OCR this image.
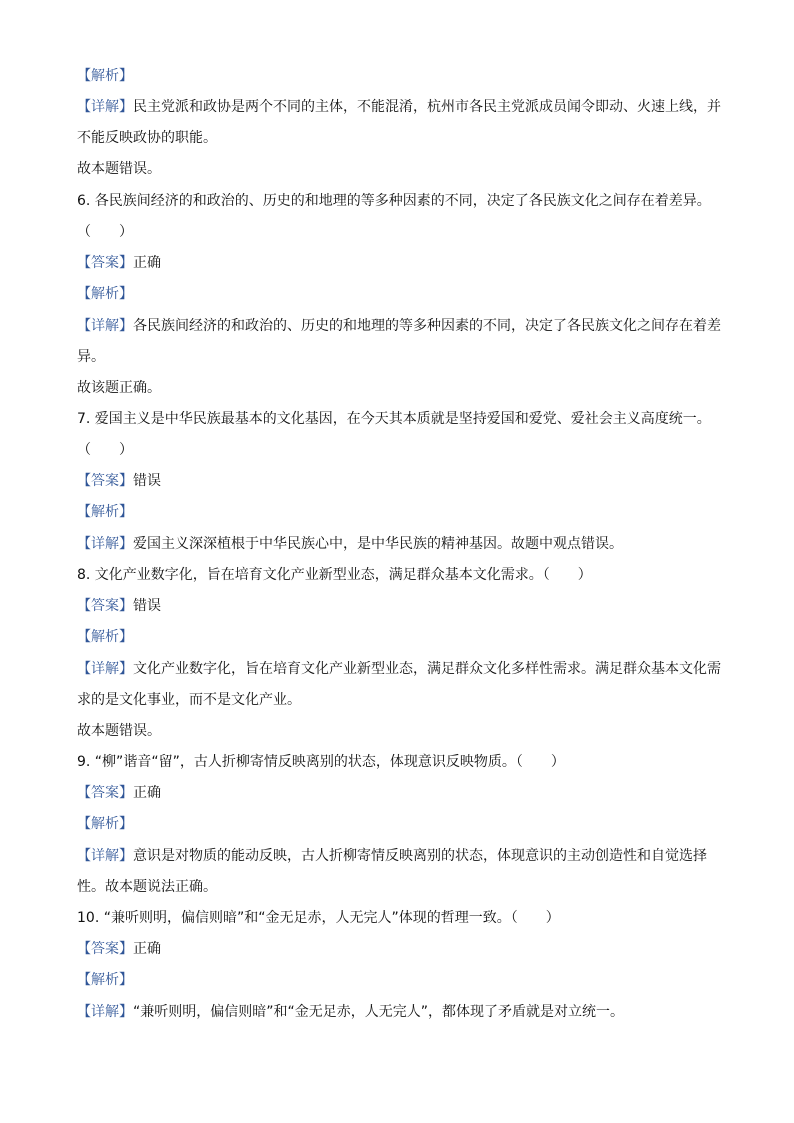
【解析】
【详解】民主党派和政协是两个不同的主体，不能混淆，杭州市各民主党派成员闻令即动、火速上线，并
不能反映政协的职能。
故本题错误。
6. 各民族间经济的和政治的、历史的和地理的等多种因素的不同，决定了各民族文化之间存在着差异。
（　　）
【答案】正确
【解析】
【详解】各民族间经济的和政治的、历史的和地理的等多种因素的不同，决定了各民族文化之间存在着差
异。
故该题正确。
7. 爱国主义是中华民族最基本的文化基因，在今天其本质就是坚持爱国和爱党、爱社会主义高度统一。
（　　）
【答案】错误
【解析】
【详解】爱国主义深深植根于中华民族心中，是中华民族的精神基因。故题中观点错误。
8. 文化产业数字化，旨在培育文化产业新型业态，满足群众基本文化需求。（　　）
【答案】错误
【解析】
【详解】文化产业数字化，旨在培育文化产业新型业态，满足群众文化多样性需求。满足群众基本文化需
求的是文化事业，而不是文化产业。
故本题错误。
9. “柳”谐音“留”，古人折柳寄情反映离别的状态，体现意识反映物质。（　　）
【答案】正确
【解析】
【详解】意识是对物质的能动反映，古人折柳寄情反映离别的状态，体现意识的主动创造性和自觉选择
性。故本题说法正确。
10. “兼听则明，偏信则暗”和“金无足赤，人无完人”体现的哲理一致。（　　）
【答案】正确
【解析】
【详解】“兼听则明，偏信则暗”和“金无足赤，人无完人”，都体现了矛盾就是对立统一。
